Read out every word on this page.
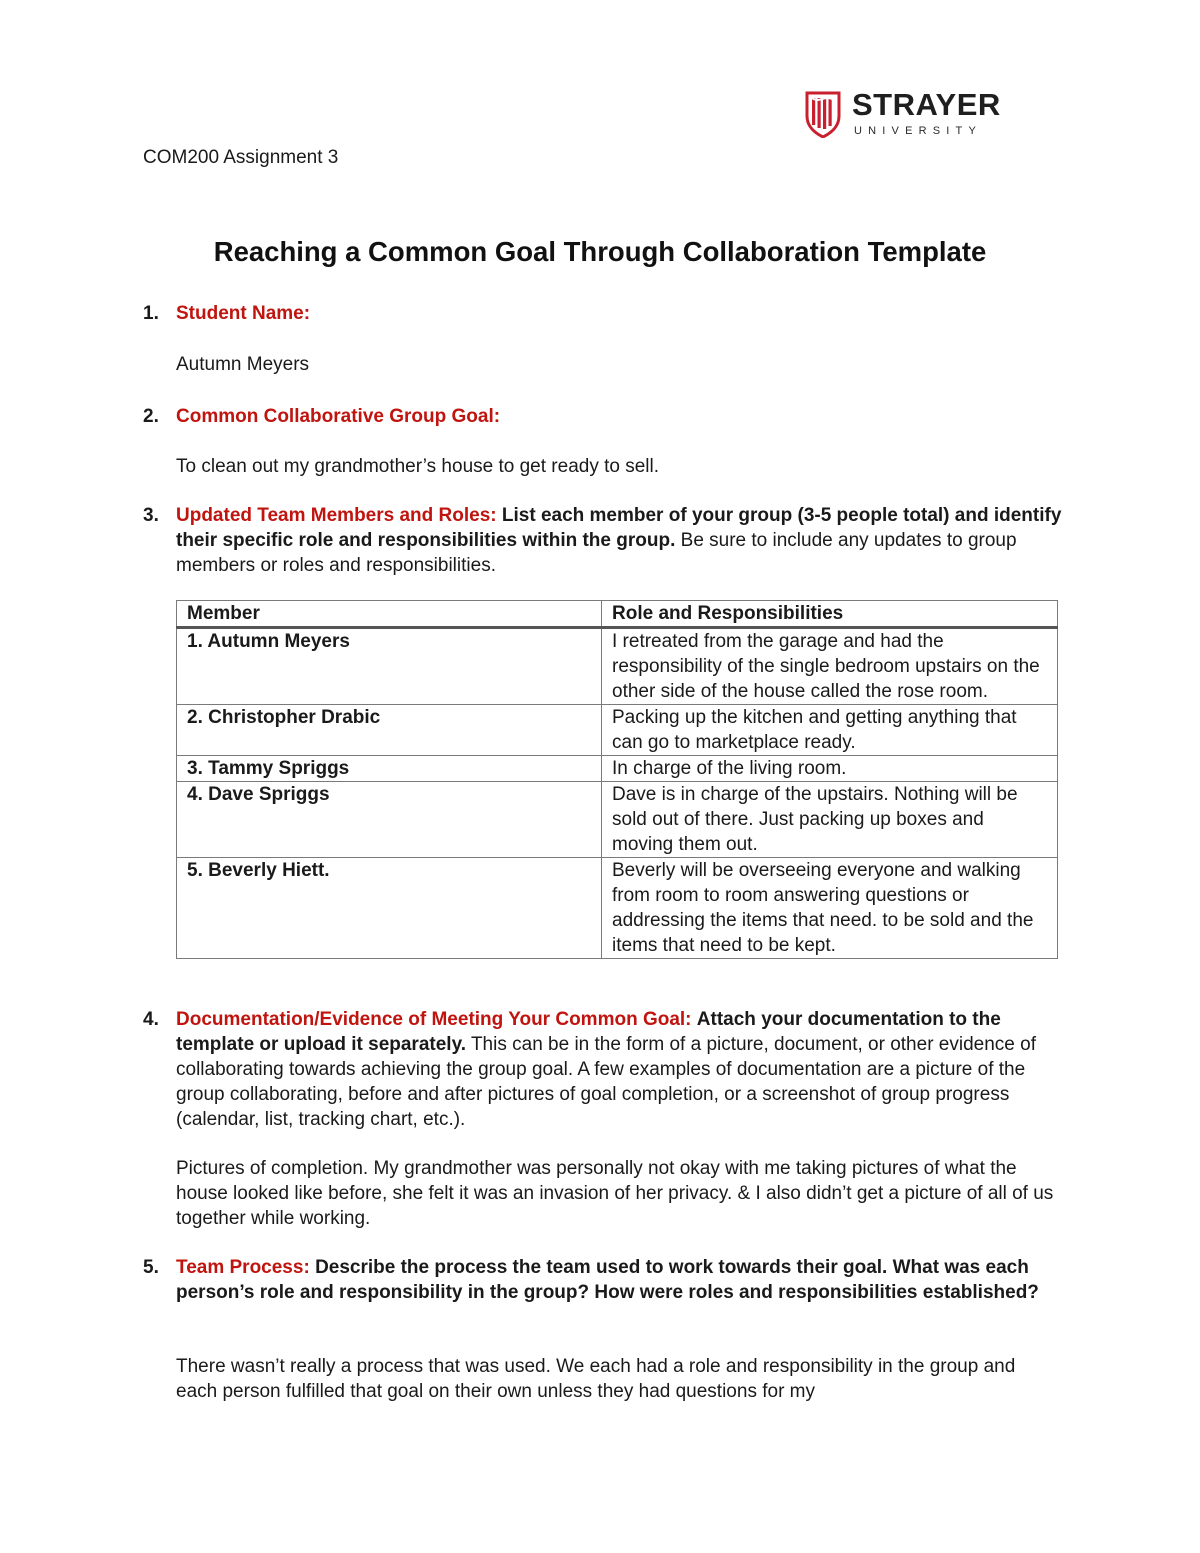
STRAYER
UNIVERSITY
COM200 Assignment 3
Reaching a Common Goal Through Collaboration Template
1. Student Name:
Autumn Meyers
2. Common Collaborative Group Goal:
To clean out my grandmother’s house to get ready to sell.
3. Updated Team Members and Roles: List each member of your group (3-5 people total) and identify their specific role and responsibilities within the group. Be sure to include any updates to group members or roles and responsibilities.
Member	Role and Responsibilities
1. Autumn Meyers	I retreated from the garage and had the responsibility of the single bedroom upstairs on the other side of the house called the rose room.
2. Christopher Drabic	Packing up the kitchen and getting anything that can go to marketplace ready.
3. Tammy Spriggs	In charge of the living room.
4. Dave Spriggs	Dave is in charge of the upstairs. Nothing will be sold out of there. Just packing up boxes and moving them out.
5. Beverly Hiett.	Beverly will be overseeing everyone and walking from room to room answering questions or addressing the items that need. to be sold and the items that need to be kept.
4. Documentation/Evidence of Meeting Your Common Goal: Attach your documentation to the template or upload it separately. This can be in the form of a picture, document, or other evidence of collaborating towards achieving the group goal. A few examples of documentation are a picture of the group collaborating, before and after pictures of goal completion, or a screenshot of group progress (calendar, list, tracking chart, etc.).
Pictures of completion. My grandmother was personally not okay with me taking pictures of what the house looked like before, she felt it was an invasion of her privacy. & I also didn’t get a picture of all of us together while working.
5. Team Process: Describe the process the team used to work towards their goal. What was each person’s role and responsibility in the group? How were roles and responsibilities established?
There wasn’t really a process that was used. We each had a role and responsibility in the group and each person fulfilled that goal on their own unless they had questions for my
